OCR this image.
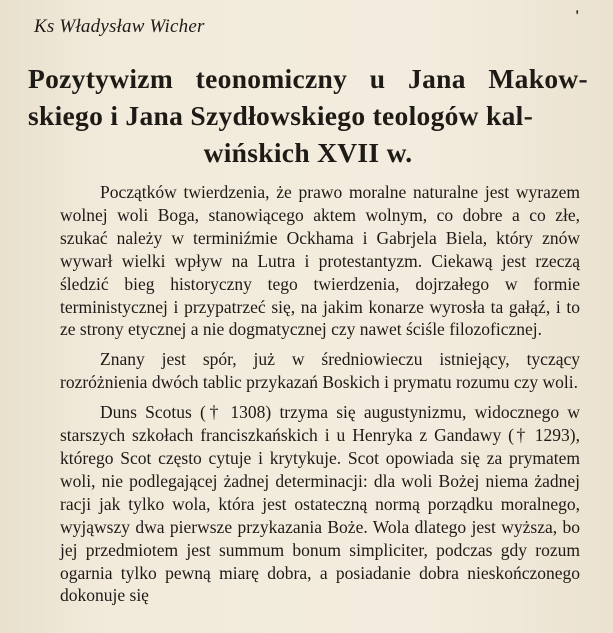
Ks Władysław Wicher	'
Pozytywizm teonomiczny u Jana Makow- skiego i Jana Szydłowskiego teologów kal-
wińskich XVII w.

Początków twierdzenia, że prawo moralne naturalne jest wyrazem wolnej woli Boga, stanowiącego aktem wolnym, co dobre a co złe, szukać należy w terminiźmie Ockhama i Gabrjela Biela, który znów wywarł wielki wpływ na Lutra i protestantyzm. Ciekawą jest rzeczą śledzić bieg historyczny tego twierdzenia, dojrzałego w formie terministycznej i przypatrzeć się, na jakim konarze wyrosła ta gałąź, i to ze strony etycznej a nie dogmatycznej czy nawet ściśle filozoficznej.

Znany jest spór, już w średniowieczu istniejący, tyczący rozróżnienia dwóch tablic przykazań Boskich i prymatu rozumu czy woli.

Duns Scotus († 1308) trzyma się augustynizmu, widocznego w starszych szkołach franciszkańskich i u Henryka z Gandawy († 1293), którego Scot często cytuje i krytykuje. Scot opowiada się za prymatem woli, nie podlegającej żadnej determinacji: dla woli Bożej niema żadnej racji jak tylko wola, która jest ostateczną normą porządku moralnego, wyjąwszy dwa pierwsze przykazania Boże. Wola dlatego jest wyższa, bo jej przedmiotem jest summum bonum simpliciter, podczas gdy rozum ogarnia tylko pewną miarę dobra, a posiadanie dobra nieskończonego dokonuje się
